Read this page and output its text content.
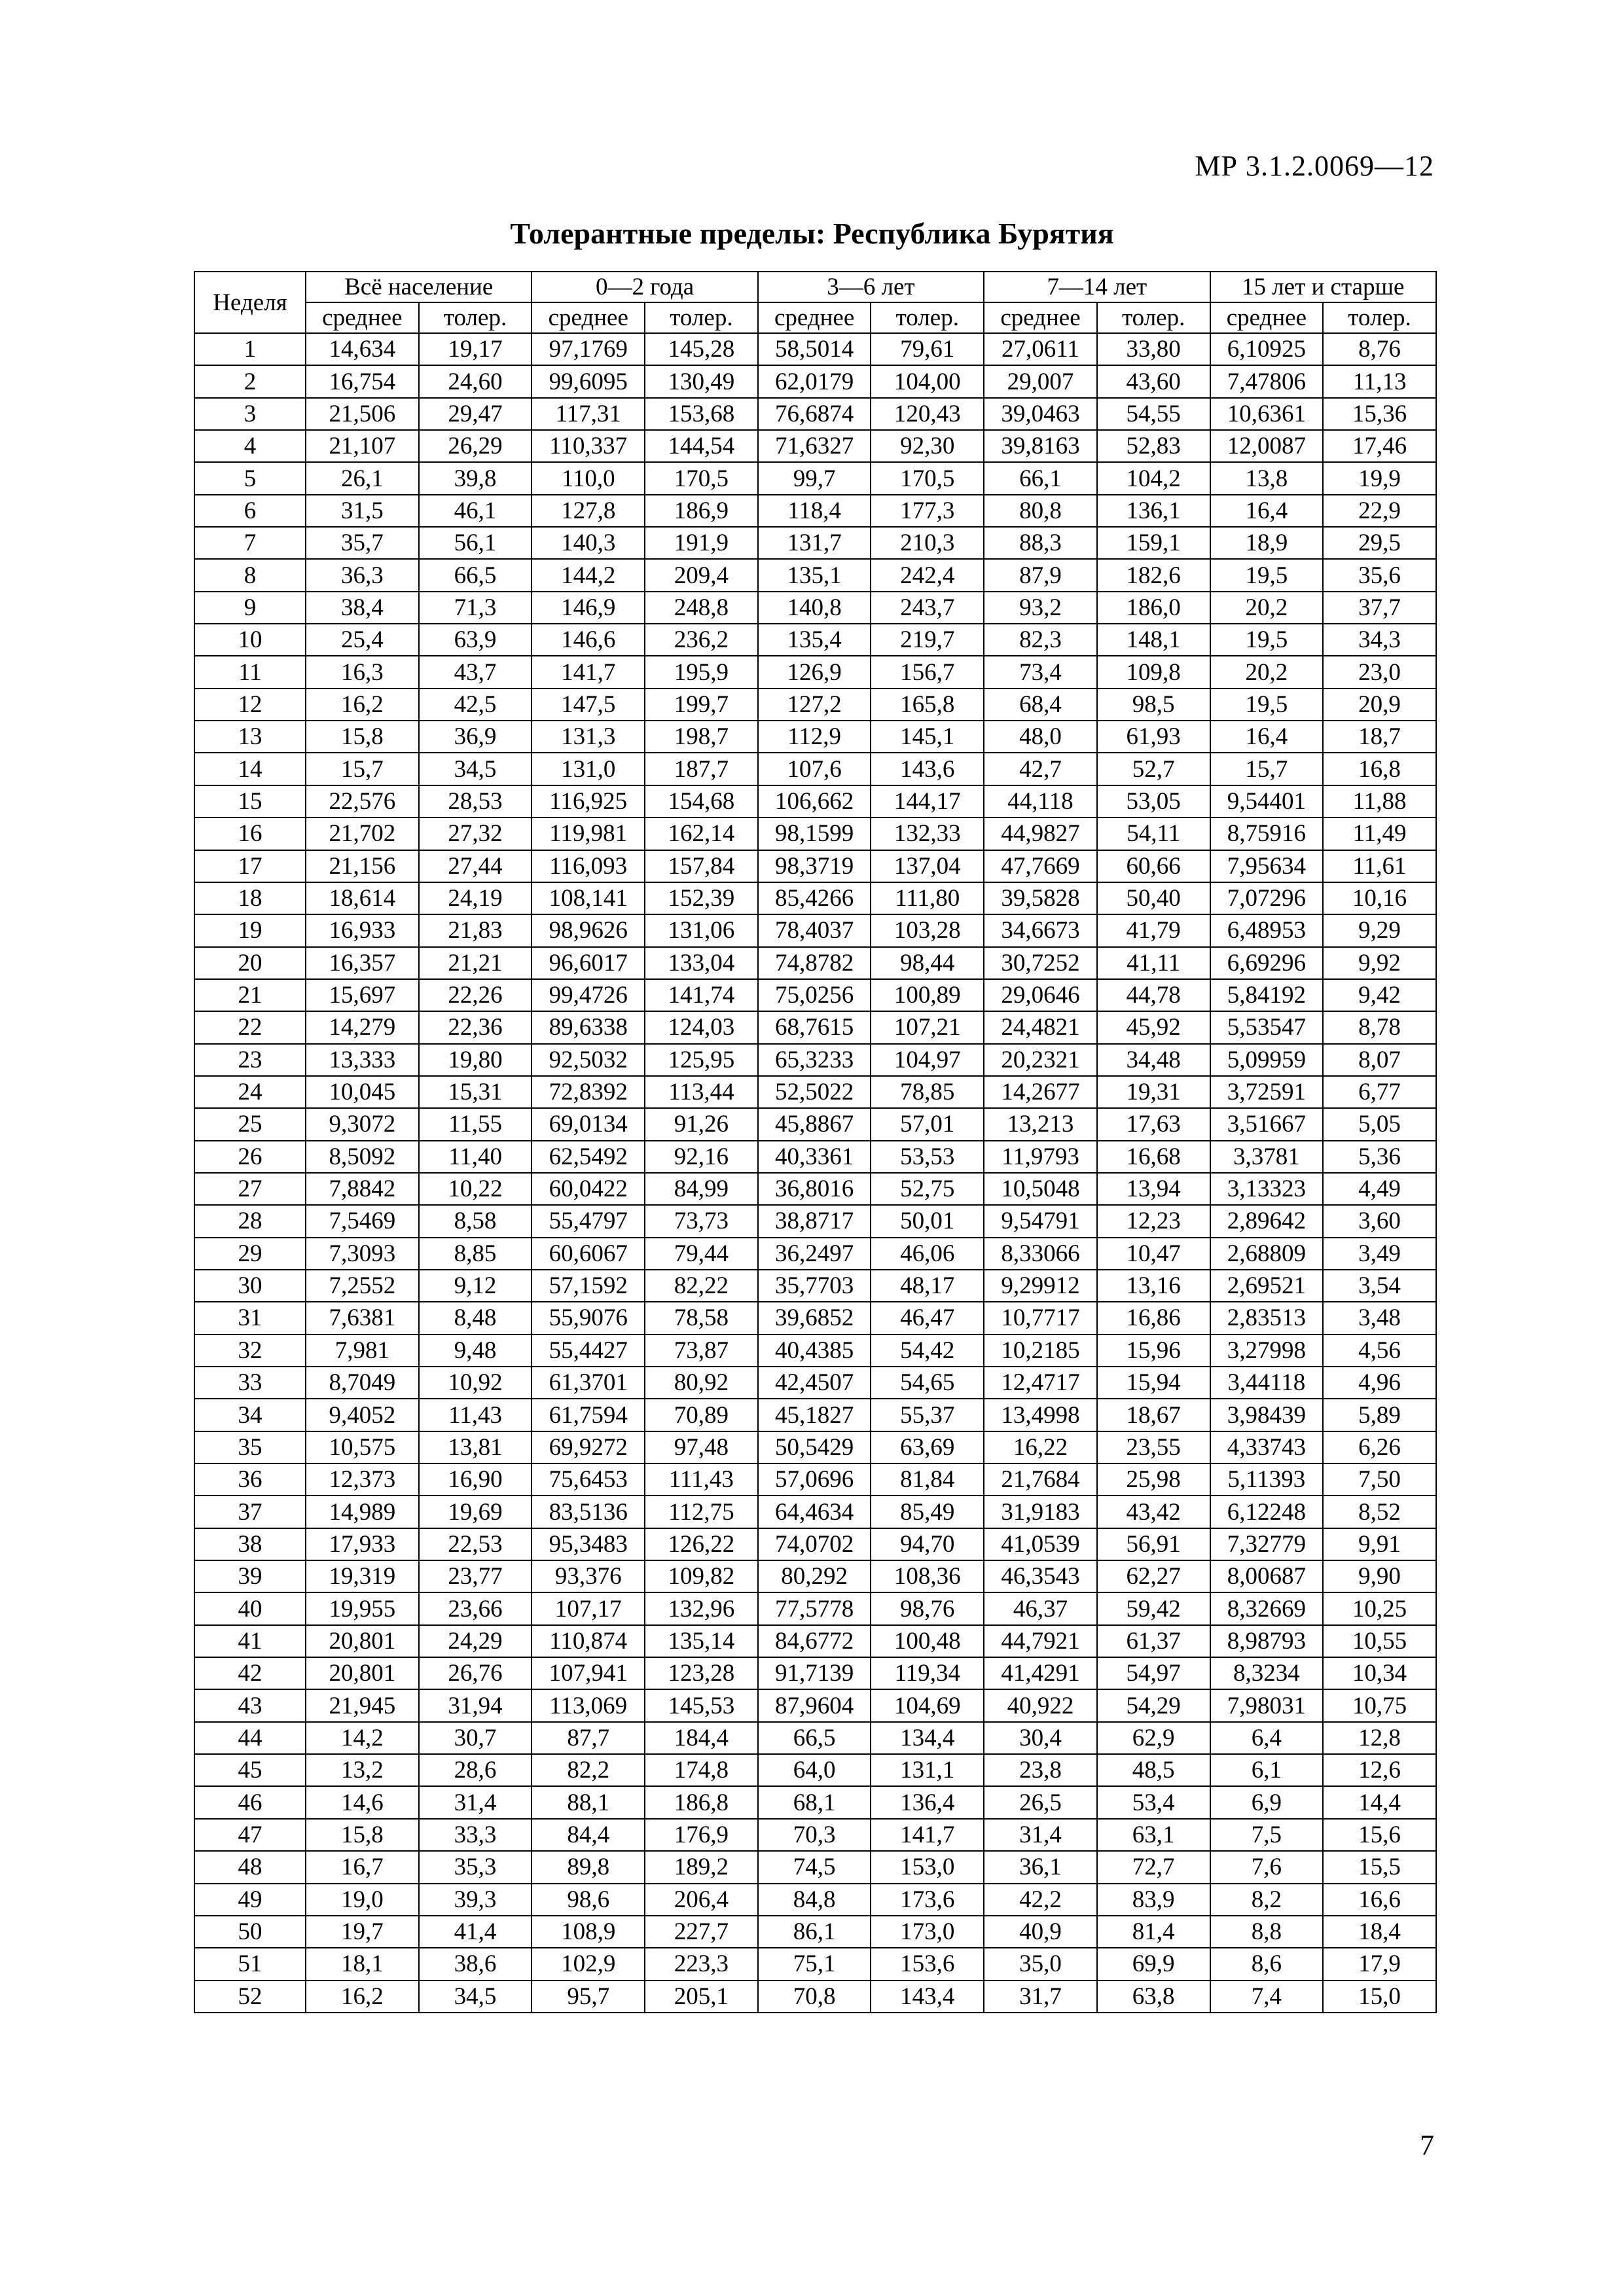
МР 3.1.2.0069—12
Толерантные пределы: Республика Бурятия
Неделя	Всё население		0—2 года		3—6 лет		7—14 лет		15 лет и старше	
	среднее	толер.	среднее	толер.	среднее	толер.	среднее	толер.	среднее	толер.
1	14,634	19,17	97,1769	145,28	58,5014	79,61	27,0611	33,80	6,10925	8,76
2	16,754	24,60	99,6095	130,49	62,0179	104,00	29,007	43,60	7,47806	11,13
3	21,506	29,47	117,31	153,68	76,6874	120,43	39,0463	54,55	10,6361	15,36
4	21,107	26,29	110,337	144,54	71,6327	92,30	39,8163	52,83	12,0087	17,46
5	26,1	39,8	110,0	170,5	99,7	170,5	66,1	104,2	13,8	19,9
6	31,5	46,1	127,8	186,9	118,4	177,3	80,8	136,1	16,4	22,9
7	35,7	56,1	140,3	191,9	131,7	210,3	88,3	159,1	18,9	29,5
8	36,3	66,5	144,2	209,4	135,1	242,4	87,9	182,6	19,5	35,6
9	38,4	71,3	146,9	248,8	140,8	243,7	93,2	186,0	20,2	37,7
10	25,4	63,9	146,6	236,2	135,4	219,7	82,3	148,1	19,5	34,3
11	16,3	43,7	141,7	195,9	126,9	156,7	73,4	109,8	20,2	23,0
12	16,2	42,5	147,5	199,7	127,2	165,8	68,4	98,5	19,5	20,9
13	15,8	36,9	131,3	198,7	112,9	145,1	48,0	61,93	16,4	18,7
14	15,7	34,5	131,0	187,7	107,6	143,6	42,7	52,7	15,7	16,8
15	22,576	28,53	116,925	154,68	106,662	144,17	44,118	53,05	9,54401	11,88
16	21,702	27,32	119,981	162,14	98,1599	132,33	44,9827	54,11	8,75916	11,49
17	21,156	27,44	116,093	157,84	98,3719	137,04	47,7669	60,66	7,95634	11,61
18	18,614	24,19	108,141	152,39	85,4266	111,80	39,5828	50,40	7,07296	10,16
19	16,933	21,83	98,9626	131,06	78,4037	103,28	34,6673	41,79	6,48953	9,29
20	16,357	21,21	96,6017	133,04	74,8782	98,44	30,7252	41,11	6,69296	9,92
21	15,697	22,26	99,4726	141,74	75,0256	100,89	29,0646	44,78	5,84192	9,42
22	14,279	22,36	89,6338	124,03	68,7615	107,21	24,4821	45,92	5,53547	8,78
23	13,333	19,80	92,5032	125,95	65,3233	104,97	20,2321	34,48	5,09959	8,07
24	10,045	15,31	72,8392	113,44	52,5022	78,85	14,2677	19,31	3,72591	6,77
25	9,3072	11,55	69,0134	91,26	45,8867	57,01	13,213	17,63	3,51667	5,05
26	8,5092	11,40	62,5492	92,16	40,3361	53,53	11,9793	16,68	3,3781	5,36
27	7,8842	10,22	60,0422	84,99	36,8016	52,75	10,5048	13,94	3,13323	4,49
28	7,5469	8,58	55,4797	73,73	38,8717	50,01	9,54791	12,23	2,89642	3,60
29	7,3093	8,85	60,6067	79,44	36,2497	46,06	8,33066	10,47	2,68809	3,49
30	7,2552	9,12	57,1592	82,22	35,7703	48,17	9,29912	13,16	2,69521	3,54
31	7,6381	8,48	55,9076	78,58	39,6852	46,47	10,7717	16,86	2,83513	3,48
32	7,981	9,48	55,4427	73,87	40,4385	54,42	10,2185	15,96	3,27998	4,56
33	8,7049	10,92	61,3701	80,92	42,4507	54,65	12,4717	15,94	3,44118	4,96
34	9,4052	11,43	61,7594	70,89	45,1827	55,37	13,4998	18,67	3,98439	5,89
35	10,575	13,81	69,9272	97,48	50,5429	63,69	16,22	23,55	4,33743	6,26
36	12,373	16,90	75,6453	111,43	57,0696	81,84	21,7684	25,98	5,11393	7,50
37	14,989	19,69	83,5136	112,75	64,4634	85,49	31,9183	43,42	6,12248	8,52
38	17,933	22,53	95,3483	126,22	74,0702	94,70	41,0539	56,91	7,32779	9,91
39	19,319	23,77	93,376	109,82	80,292	108,36	46,3543	62,27	8,00687	9,90
40	19,955	23,66	107,17	132,96	77,5778	98,76	46,37	59,42	8,32669	10,25
41	20,801	24,29	110,874	135,14	84,6772	100,48	44,7921	61,37	8,98793	10,55
42	20,801	26,76	107,941	123,28	91,7139	119,34	41,4291	54,97	8,3234	10,34
43	21,945	31,94	113,069	145,53	87,9604	104,69	40,922	54,29	7,98031	10,75
44	14,2	30,7	87,7	184,4	66,5	134,4	30,4	62,9	6,4	12,8
45	13,2	28,6	82,2	174,8	64,0	131,1	23,8	48,5	6,1	12,6
46	14,6	31,4	88,1	186,8	68,1	136,4	26,5	53,4	6,9	14,4
47	15,8	33,3	84,4	176,9	70,3	141,7	31,4	63,1	7,5	15,6
48	16,7	35,3	89,8	189,2	74,5	153,0	36,1	72,7	7,6	15,5
49	19,0	39,3	98,6	206,4	84,8	173,6	42,2	83,9	8,2	16,6
50	19,7	41,4	108,9	227,7	86,1	173,0	40,9	81,4	8,8	18,4
51	18,1	38,6	102,9	223,3	75,1	153,6	35,0	69,9	8,6	17,9
52	16,2	34,5	95,7	205,1	70,8	143,4	31,7	63,8	7,4	15,0
7
